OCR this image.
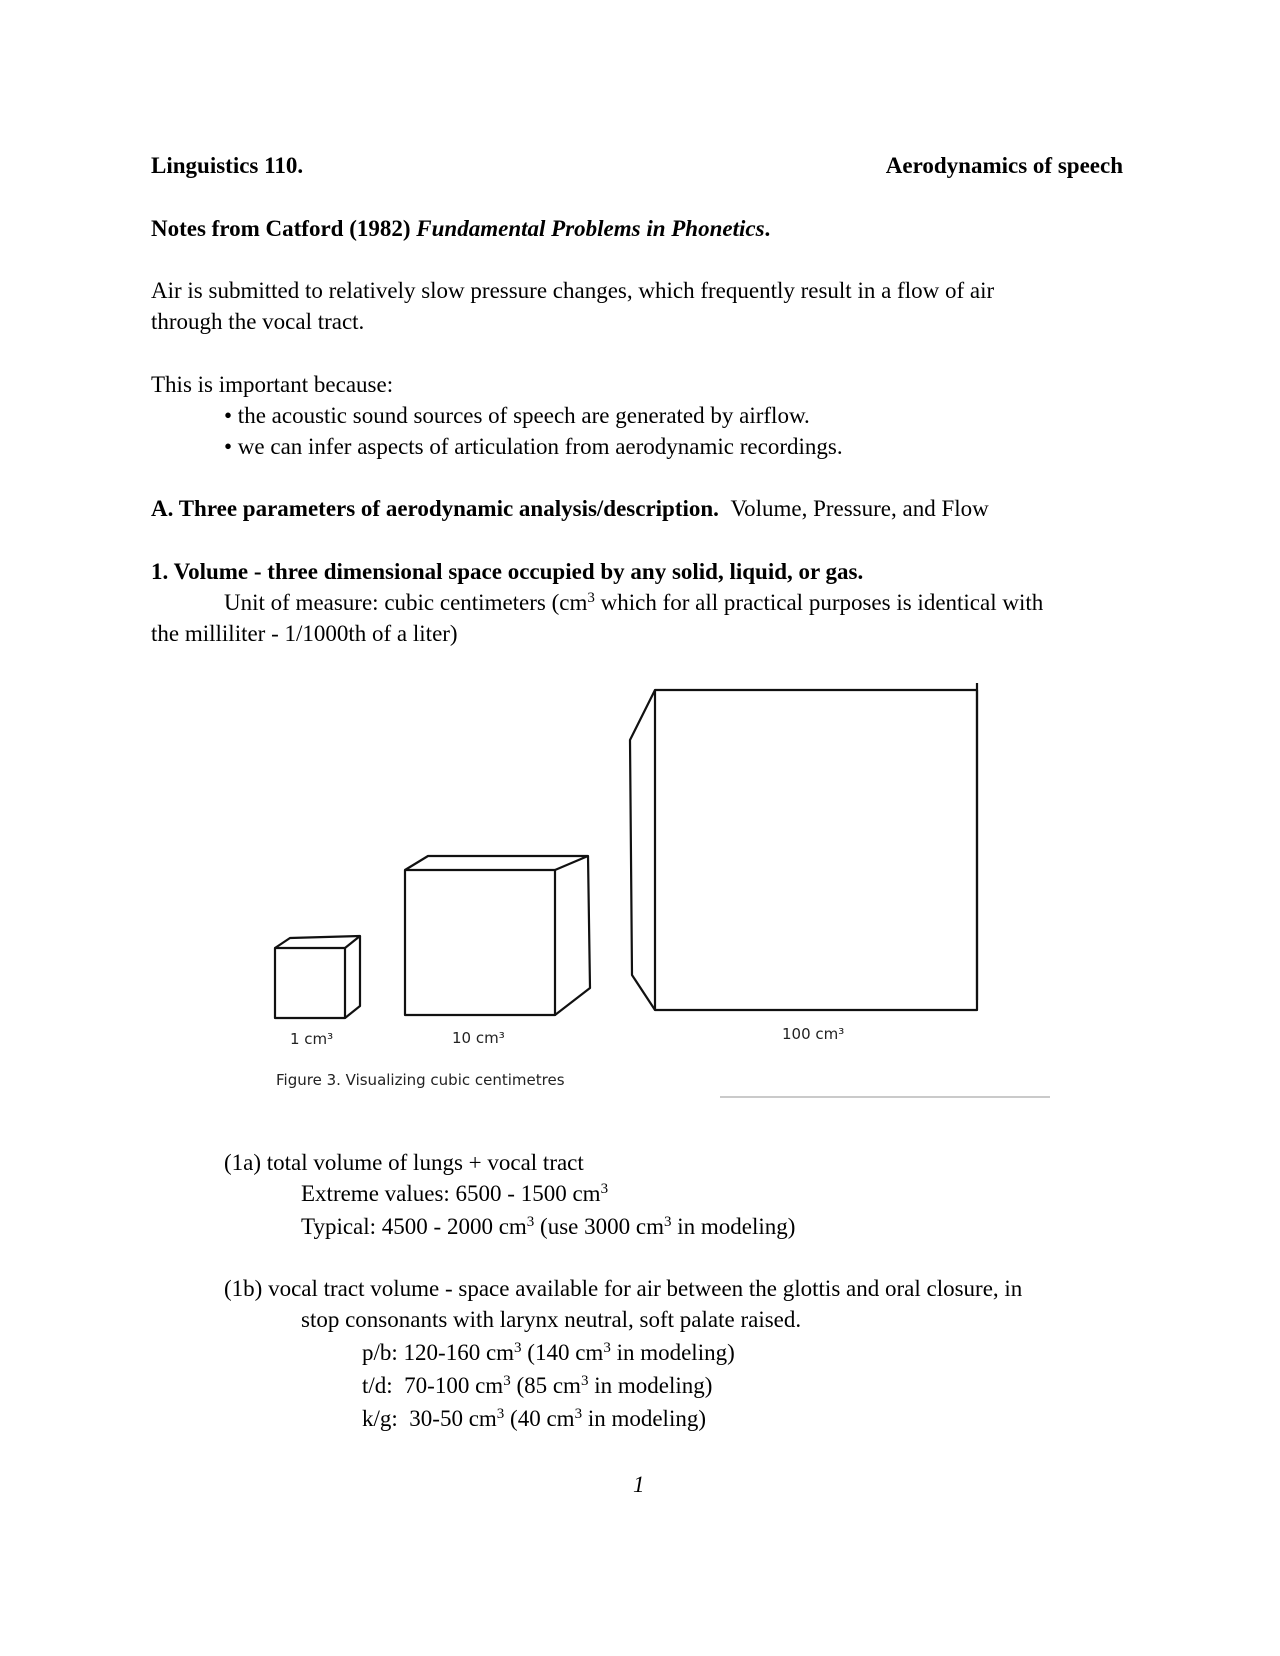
Linguistics 110.	Aerodynamics of speech
Notes from Catford (1982) Fundamental Problems in Phonetics.
Air is submitted to relatively slow pressure changes, which frequently result in a flow of air
through the vocal tract.
This is important because:
• the acoustic sound sources of speech are generated by airflow.
• we can infer aspects of articulation from aerodynamic recordings.
A. Three parameters of aerodynamic analysis/description. Volume, Pressure, and Flow
1. Volume - three dimensional space occupied by any solid, liquid, or gas.
Unit of measure: cubic centimeters ($cm^3$ which for all practical purposes is identical with
the milliliter - 1/1000th of a liter)
1 cm³	10 cm³	100 cm³
Figure 3. Visualizing cubic centimetres
(1a) total volume of lungs + vocal tract
Extreme values: 6500 - 1500 $cm^3$
Typical: 4500 - 2000 $cm^3$ (use 3000 $cm^3$ in modeling)
(1b) vocal tract volume - space available for air between the glottis and oral closure, in
stop consonants with larynx neutral, soft palate raised.
p/b: 120-160 $cm^3$ (140 $cm^3$ in modeling)
t/d:  70-100 $cm^3$ (85 $cm^3$ in modeling)
k/g:  30-50 $cm^3$ (40 $cm^3$ in modeling)
1
